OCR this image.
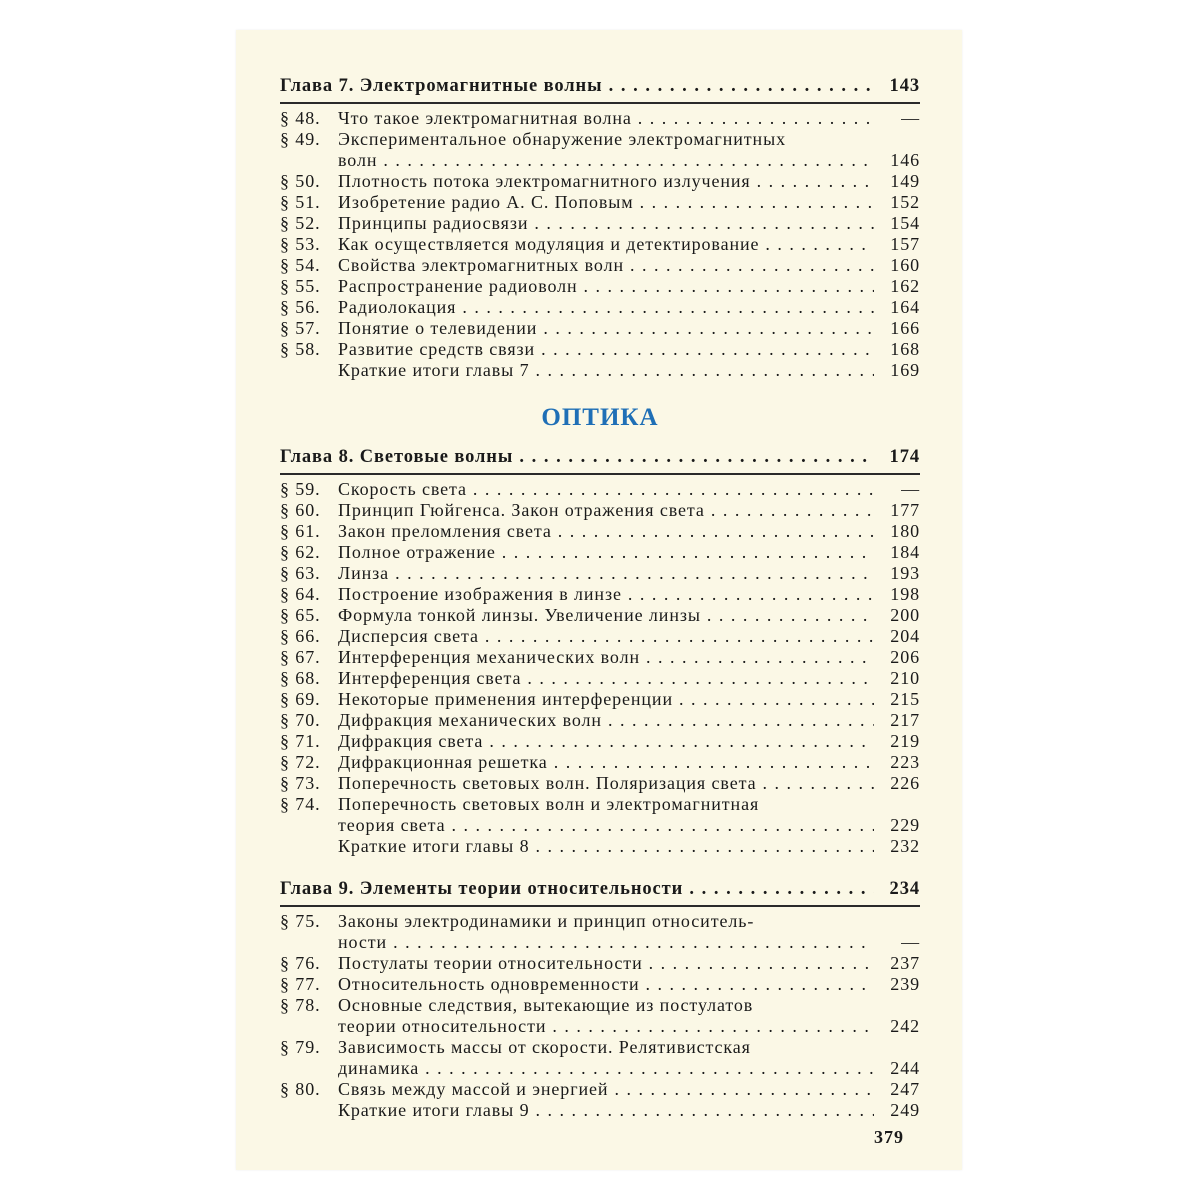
Глава 7. Электромагнитные волны . . .	143
§ 48. Что такое электромагнитная волна . . .	—
§ 49. Экспериментальное обнаружение электромагнитных
волн . . .	146
§ 50. Плотность потока электромагнитного излучения . . .	149
§ 51. Изобретение радио А. С. Поповым . . .	152
§ 52. Принципы радиосвязи . . .	154
§ 53. Как осуществляется модуляция и детектирование . . .	157
§ 54. Свойства электромагнитных волн . . .	160
§ 55. Распространение радиоволн . . .	162
§ 56. Радиолокация . . .	164
§ 57. Понятие о телевидении . . .	166
§ 58. Развитие средств связи . . .	168
Краткие итоги главы 7 . . .	169
ОПТИКА
Глава 8. Световые волны . . .	174
§ 59. Скорость света . . .	—
§ 60. Принцип Гюйгенса. Закон отражения света . . .	177
§ 61. Закон преломления света . . .	180
§ 62. Полное отражение . . .	184
§ 63. Линза . . .	193
§ 64. Построение изображения в линзе . . .	198
§ 65. Формула тонкой линзы. Увеличение линзы . . .	200
§ 66. Дисперсия света . . .	204
§ 67. Интерференция механических волн . . .	206
§ 68. Интерференция света . . .	210
§ 69. Некоторые применения интерференции . . .	215
§ 70. Дифракция механических волн . . .	217
§ 71. Дифракция света . . .	219
§ 72. Дифракционная решетка . . .	223
§ 73. Поперечность световых волн. Поляризация света . . .	226
§ 74. Поперечность световых волн и электромагнитная
теория света . . .	229
Краткие итоги главы 8 . . .	232
Глава 9. Элементы теории относительности . . .	234
§ 75. Законы электродинамики и принцип относитель-
ности . . .	—
§ 76. Постулаты теории относительности . . .	237
§ 77. Относительность одновременности . . .	239
§ 78. Основные следствия, вытекающие из постулатов
теории относительности . . .	242
§ 79. Зависимость массы от скорости. Релятивистская
динамика . . .	244
§ 80. Связь между массой и энергией . . .	247
Краткие итоги главы 9 . . .	249
379
